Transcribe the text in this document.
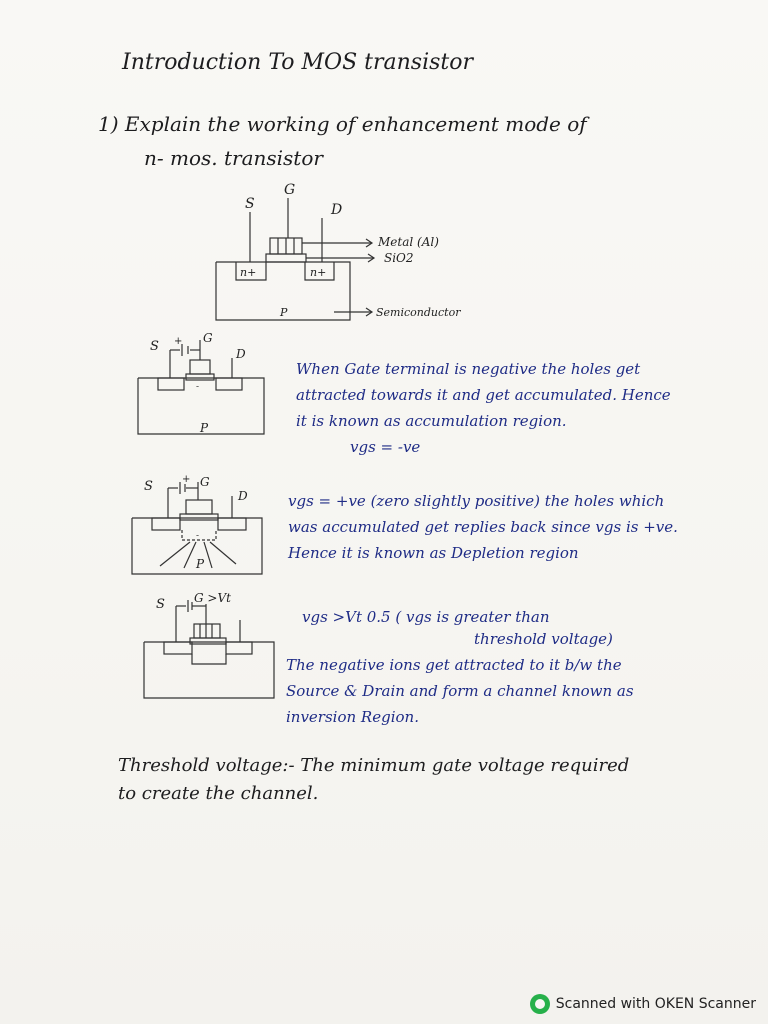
Introduction To MOS transistor
1) Explain the working of enhancement mode of
n- mos. transistor
S
G
D
n+	n+
P
Metal (Al)
SiO2
Semiconductor
S
G
D
P
+
-
S	G
D
P
+
-
S G >Vt
When Gate terminal is negative the holes get attracted towards it and get accumulated. Hence it is known as accumulation region.
vgs = -ve
vgs = +ve (zero slightly positive) the holes which was accumulated get replies back since vgs is +ve. Hence it is known as Depletion region
vgs >Vt 0.5 ( vgs is greater than
threshold voltage)
The negative ions get attracted to it b/w the Source & Drain and form a channel known as inversion Region.
Threshold voltage:- The minimum gate voltage required to create the channel.
Scanned with OKEN Scanner
